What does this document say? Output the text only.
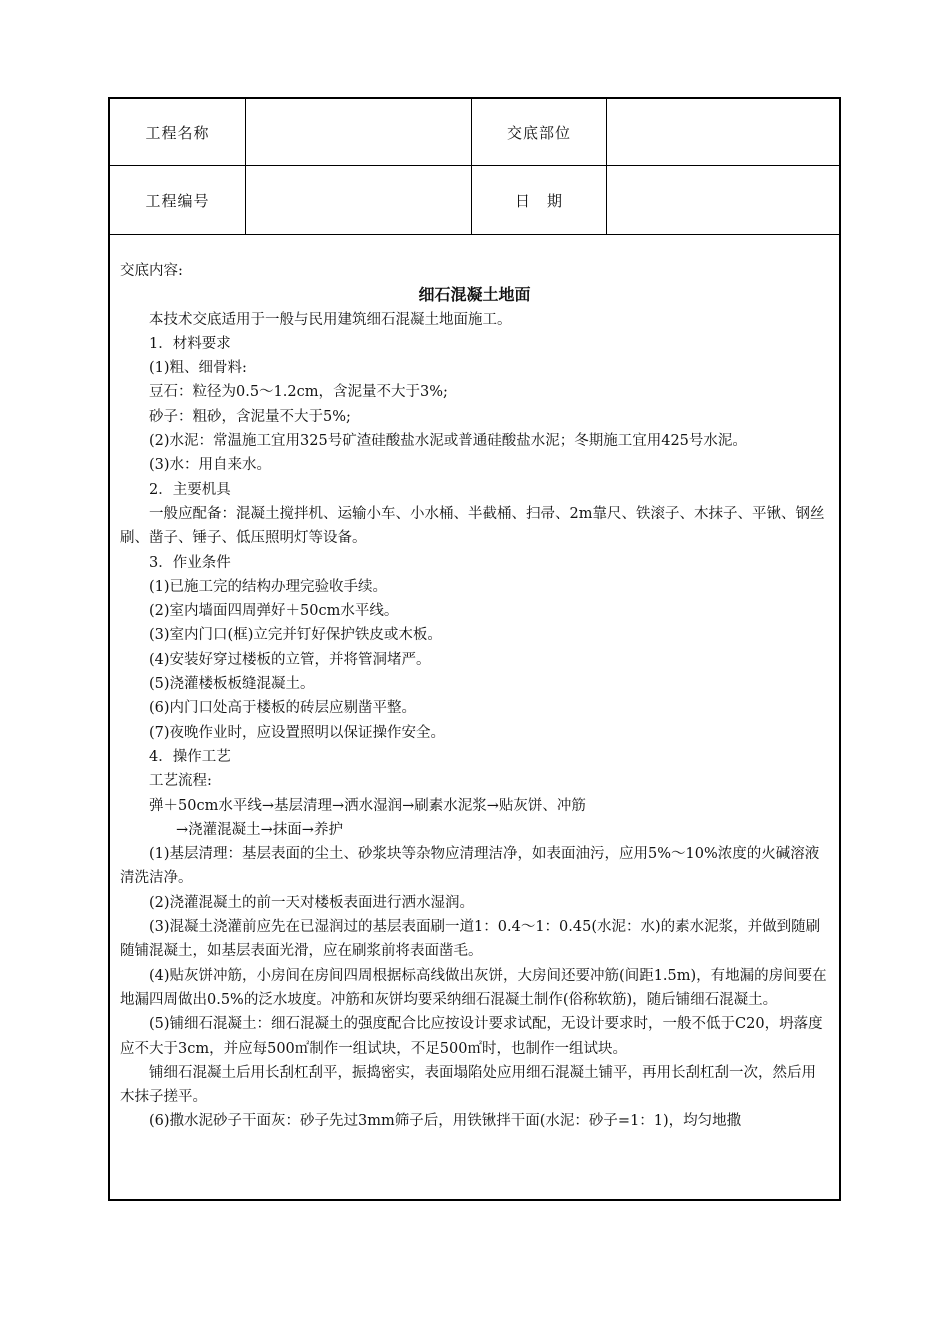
工程名称	交底部位
工程编号	日　期

交底内容:

细石混凝土地面

本技术交底适用于一般与民用建筑细石混凝土地面施工。

1．材料要求

(1)粗、细骨料:

豆石：粒径为0.5～1.2cm，含泥量不大于3%;

砂子：粗砂，含泥量不大于5%;

(2)水泥：常温施工宜用325号矿渣硅酸盐水泥或普通硅酸盐水泥；冬期施工宜用425号水泥。

(3)水：用自来水。

2．主要机具

一般应配备：混凝土搅拌机、运输小车、小水桶、半截桶、扫帚、2m靠尺、铁滚子、木抹子、平锹、钢丝刷、凿子、锤子、低压照明灯等设备。

3．作业条件

(1)已施工完的结构办理完验收手续。

(2)室内墙面四周弹好＋50cm水平线。

(3)室内门口(框)立完并钉好保护铁皮或木板。

(4)安装好穿过楼板的立管，并将管洞堵严。

(5)浇灌楼板板缝混凝土。

(6)内门口处高于楼板的砖层应剔凿平整。

(7)夜晚作业时，应设置照明以保证操作安全。

4．操作工艺

工艺流程:

弹＋50cm水平线→基层清理→洒水湿润→刷素水泥浆→贴灰饼、冲筋

→浇灌混凝土→抹面→养护

(1)基层清理：基层表面的尘土、砂浆块等杂物应清理洁净，如表面油污，应用5%～10%浓度的火碱溶液清洗洁净。

(2)浇灌混凝土的前一天对楼板表面进行洒水湿润。

(3)混凝土浇灌前应先在已湿润过的基层表面刷一道1：0.4～1：0.45(水泥：水)的素水泥浆，并做到随刷随铺混凝土，如基层表面光滑，应在刷浆前将表面凿毛。

(4)贴灰饼冲筋，小房间在房间四周根据标高线做出灰饼，大房间还要冲筋(间距1.5m)，有地漏的房间要在地漏四周做出0.5%的泛水坡度。冲筋和灰饼均要采纳细石混凝土制作(俗称软筋)，随后铺细石混凝土。

(5)铺细石混凝土：细石混凝土的强度配合比应按设计要求试配，无设计要求时，一般不低于C20，坍落度应不大于3cm，并应每500㎡制作一组试块，不足500㎡时，也制作一组试块。

铺细石混凝土后用长刮杠刮平，振捣密实，表面塌陷处应用细石混凝土铺平，再用长刮杠刮一次，然后用木抹子搓平。

(6)撒水泥砂子干面灰：砂子先过3mm筛子后，用铁锹拌干面(水泥：砂子=1：1)，均匀地撒
